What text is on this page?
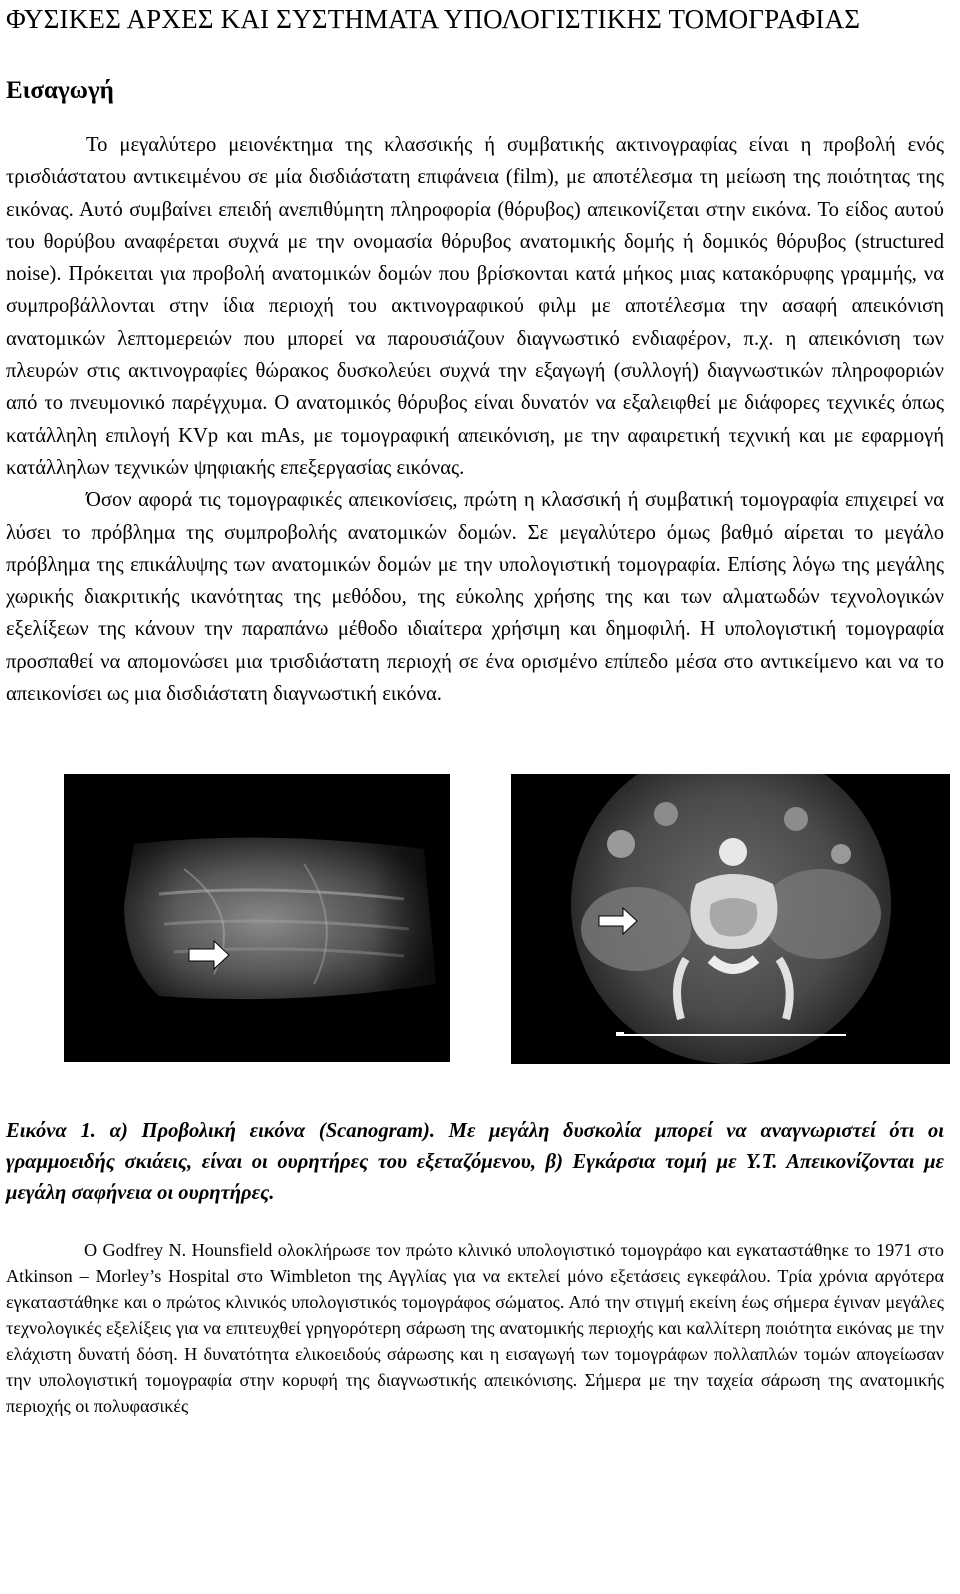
ΦΥΣΙΚΕΣ ΑΡΧΕΣ ΚΑΙ ΣΥΣΤΗΜΑΤΑ ΥΠΟΛΟΓΙΣΤΙΚΗΣ ΤΟΜΟΓΡΑΦΙΑΣ
Εισαγωγή

Το μεγαλύτερο μειονέκτημα της κλασσικής ή συμβατικής ακτινογραφίας είναι η προβολή ενός τρισδιάστατου αντικειμένου σε μία δισδιάστατη επιφάνεια (film), με αποτέλεσμα τη μείωση της ποιότητας της εικόνας. Αυτό συμβαίνει επειδή ανεπιθύμητη πληροφορία (θόρυβος) απεικονίζεται στην εικόνα. Το είδος αυτού του θορύβου αναφέρεται συχνά με την ονομασία θόρυβος ανατομικής δομής ή δομικός θόρυβος (structured noise). Πρόκειται για προβολή ανατομικών δομών που βρίσκονται κατά μήκος μιας κατακόρυφης γραμμής, να συμπροβάλλονται στην ίδια περιοχή του ακτινογραφικού φιλμ με αποτέλεσμα την ασαφή απεικόνιση ανατομικών λεπτομερειών που μπορεί να παρουσιάζουν διαγνωστικό ενδιαφέρον, π.χ. η απεικόνιση των πλευρών στις ακτινογραφίες θώρακος δυσκολεύει συχνά την εξαγωγή (συλλογή) διαγνωστικών πληροφοριών από το πνευμονικό παρέγχυμα. Ο ανατομικός θόρυβος είναι δυνατόν να εξαλειφθεί με διάφορες τεχνικές όπως κατάλληλη επιλογή KVp και mAs, με τομογραφική απεικόνιση, με την αφαιρετική τεχνική και με εφαρμογή κατάλληλων τεχνικών ψηφιακής επεξεργασίας εικόνας.

Όσον αφορά τις τομογραφικές απεικονίσεις, πρώτη η κλασσική ή συμβατική τομογραφία επιχειρεί να λύσει το πρόβλημα της συμπροβολής ανατομικών δομών. Σε μεγαλύτερο όμως βαθμό αίρεται το μεγάλο πρόβλημα της επικάλυψης των ανατομικών δομών με την υπολογιστική τομογραφία. Επίσης λόγω της μεγάλης χωρικής διακριτικής ικανότητας της μεθόδου, της εύκολης χρήσης της και των αλματωδών τεχνολογικών εξελίξεων της κάνουν την παραπάνω μέθοδο ιδιαίτερα χρήσιμη και δημοφιλή. Η υπολογιστική τομογραφία προσπαθεί να απομονώσει μια τρισδιάστατη περιοχή σε ένα ορισμένο επίπεδο μέσα στο αντικείμενο και να το απεικονίσει ως μια δισδιάστατη διαγνωστική εικόνα.

Εικόνα 1. α) Προβολική εικόνα (Scanogram). Με μεγάλη δυσκολία μπορεί να αναγνωριστεί ότι οι γραμμοειδής σκιάεις, είναι οι ουρητήρες του εξεταζόμενου, β) Εγκάρσια τομή με Υ.Τ. Απεικονίζονται με μεγάλη σαφήνεια οι ουρητήρες.

Ο Godfrey N. Hounsfield ολοκλήρωσε τον πρώτο κλινικό υπολογιστικό τομογράφο και εγκαταστάθηκε το 1971 στο Atkinson – Morley’s Hospital στο Wimbleton της Αγγλίας για να εκτελεί μόνο εξετάσεις εγκεφάλου. Τρία χρόνια αργότερα εγκαταστάθηκε και ο πρώτος κλινικός υπολογιστικός τομογράφος σώματος. Από την στιγμή εκείνη έως σήμερα έγιναν μεγάλες τεχνολογικές εξελίξεις για να επιτευχθεί γρηγορότερη σάρωση της ανατομικής περιοχής και καλλίτερη ποιότητα εικόνας με την ελάχιστη δυνατή δόση. Η δυνατότητα ελικοειδούς σάρωσης και η εισαγωγή των τομογράφων πολλαπλών τομών απογείωσαν την υπολογιστική τομογραφία στην κορυφή της διαγνωστικής απεικόνισης. Σήμερα με την ταχεία σάρωση της ανατομικής περιοχής οι πολυφασικές
